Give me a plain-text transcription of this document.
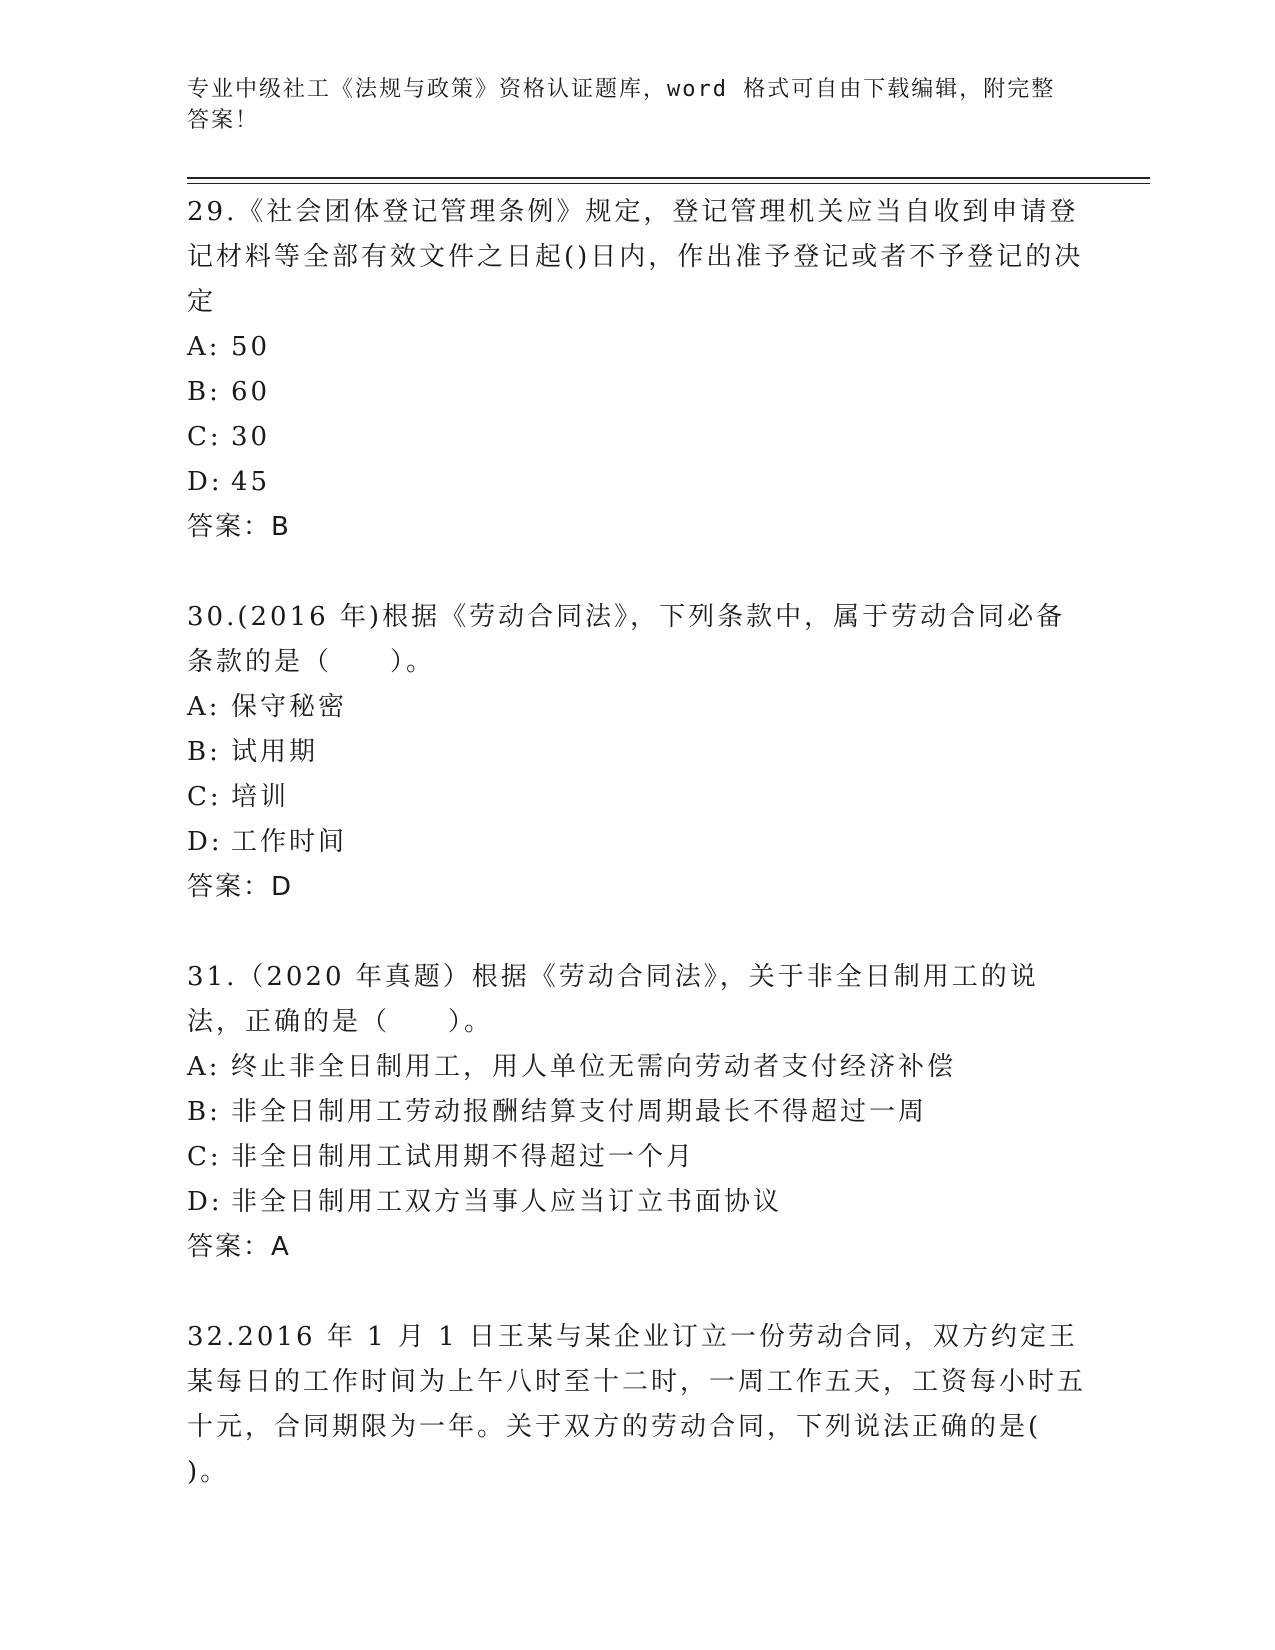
专业中级社工《法规与政策》资格认证题库，word 格式可自由下载编辑，附完整
答案！
29.《社会团体登记管理条例》规定，登记管理机关应当自收到申请登记材料等全部有效文件之日起()日内，作出准予登记或者不予登记的决定
A: 50
B: 60
C: 30
D: 45
答案：B
30.(2016 年)根据《劳动合同法》，下列条款中，属于劳动合同必备条款的是（　　）。
A: 保守秘密
B: 试用期
C: 培训
D: 工作时间
答案：D
31.（2020 年真题）根据《劳动合同法》，关于非全日制用工的说法，正确的是（　　）。
A: 终止非全日制用工，用人单位无需向劳动者支付经济补偿
B: 非全日制用工劳动报酬结算支付周期最长不得超过一周
C: 非全日制用工试用期不得超过一个月
D: 非全日制用工双方当事人应当订立书面协议
答案：A
32.2016 年 1 月 1 日王某与某企业订立一份劳动合同，双方约定王某每日的工作时间为上午八时至十二时，一周工作五天，工资每小时五十元，合同期限为一年。关于双方的劳动合同，下列说法正确的是( )。
